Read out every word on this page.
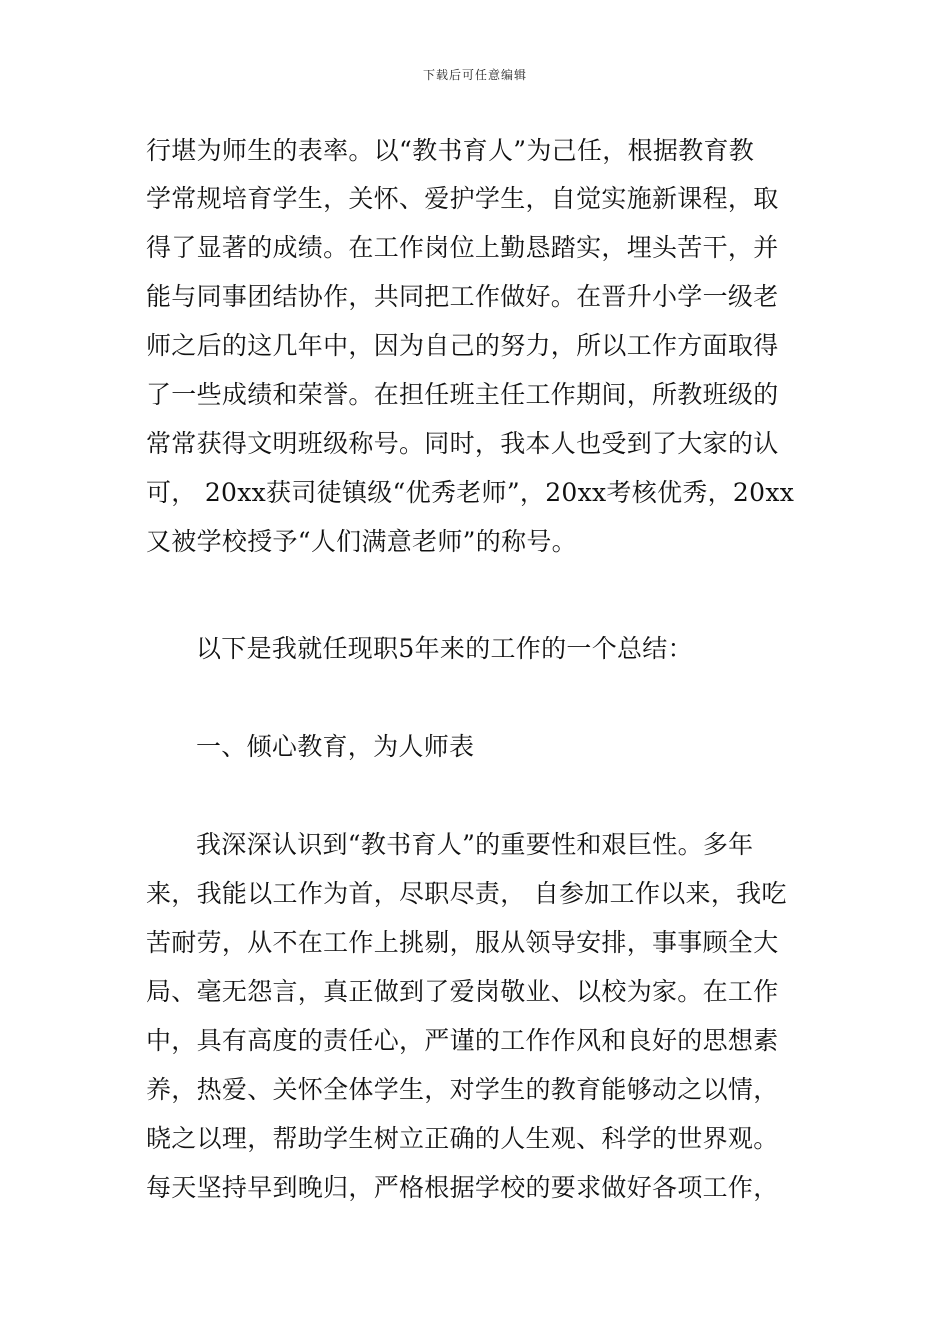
下载后可任意编辑
行堪为师生的表率。以“教书育人”为己任，根据教育教
学常规培育学生，关怀、爱护学生，自觉实施新课程，取
得了显著的成绩。在工作岗位上勤恳踏实，埋头苦干，并
能与同事团结协作，共同把工作做好。在晋升小学一级老
师之后的这几年中，因为自己的努力，所以工作方面取得
了一些成绩和荣誉。在担任班主任工作期间，所教班级的
常常获得文明班级称号。同时，我本人也受到了大家的认
可， 20xx获司徒镇级“优秀老师”，20xx考核优秀，20xx
又被学校授予“人们满意老师”的称号。
以下是我就任现职5年来的工作的一个总结：
一、倾心教育，为人师表
我深深认识到“教书育人”的重要性和艰巨性。多年
来，我能以工作为首，尽职尽责， 自参加工作以来，我吃
苦耐劳，从不在工作上挑剔，服从领导安排，事事顾全大
局、毫无怨言，真正做到了爱岗敬业、以校为家。在工作
中，具有高度的责任心，严谨的工作作风和良好的思想素
养，热爱、关怀全体学生，对学生的教育能够动之以情，
晓之以理，帮助学生树立正确的人生观、科学的世界观。
每天坚持早到晚归，严格根据学校的要求做好各项工作，
